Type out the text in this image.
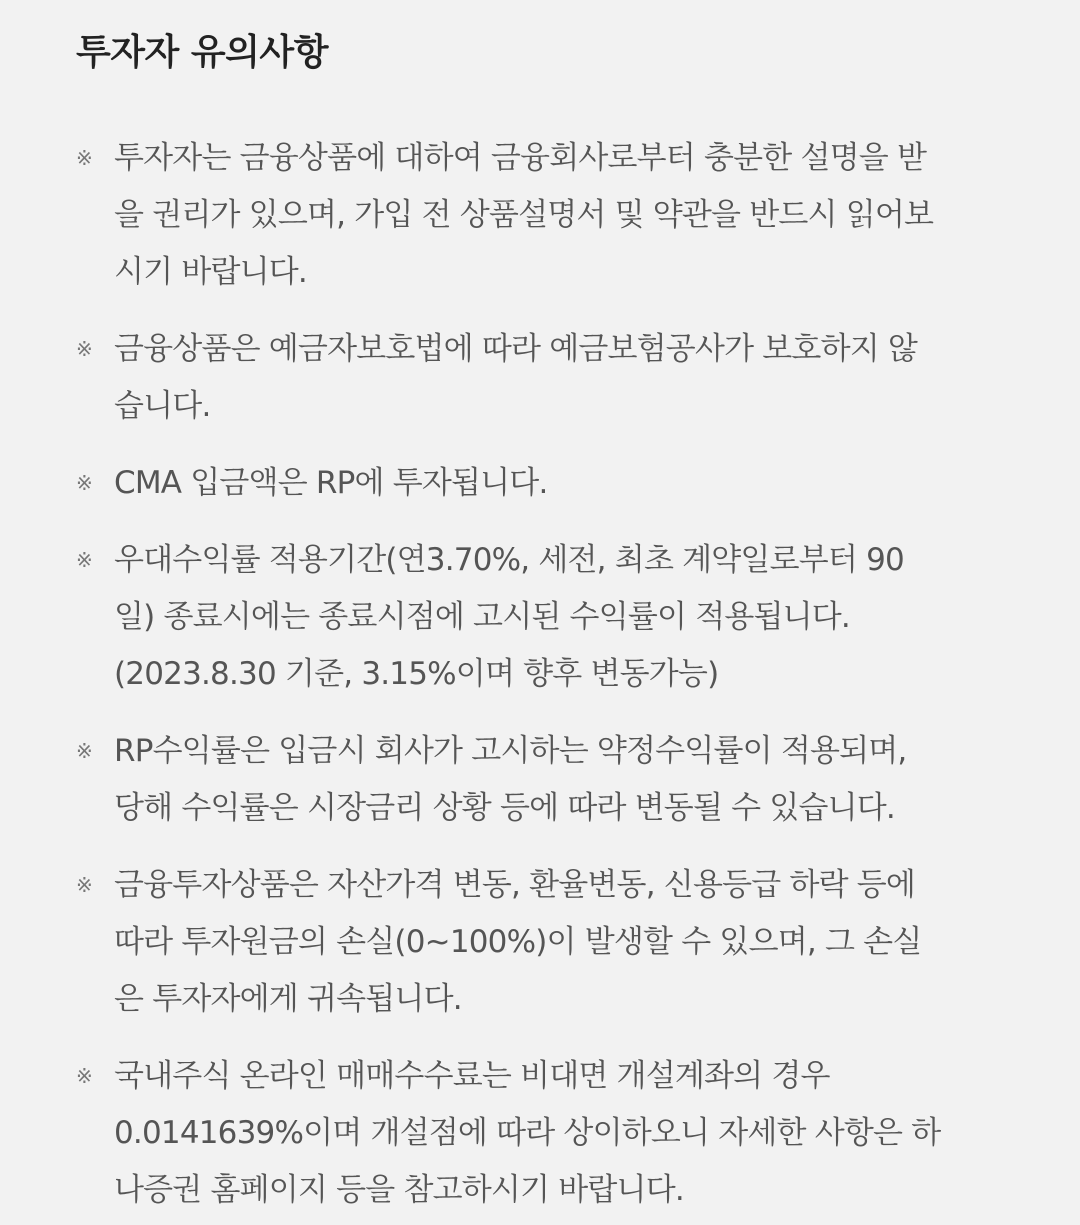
투자자 유의사항
※ 투자자는 금융상품에 대하여 금융회사로부터 충분한 설명을 받
을 권리가 있으며, 가입 전 상품설명서 및 약관을 반드시 읽어보
시기 바랍니다.
※ 금융상품은 예금자보호법에 따라 예금보험공사가 보호하지 않
습니다.
※ CMA 입금액은 RP에 투자됩니다.
※ 우대수익률 적용기간(연3.70%, 세전, 최초 계약일로부터 90
일) 종료시에는 종료시점에 고시된 수익률이 적용됩니다.
(2023.8.30 기준, 3.15%이며 향후 변동가능)
※ RP수익률은 입금시 회사가 고시하는 약정수익률이 적용되며,
당해 수익률은 시장금리 상황 등에 따라 변동될 수 있습니다.
※ 금융투자상품은 자산가격 변동, 환율변동, 신용등급 하락 등에
따라 투자원금의 손실(0~100%)이 발생할 수 있으며, 그 손실
은 투자자에게 귀속됩니다.
※ 국내주식 온라인 매매수수료는 비대면 개설계좌의 경우
0.0141639%이며 개설점에 따라 상이하오니 자세한 사항은 하
나증권 홈페이지 등을 참고하시기 바랍니다.
